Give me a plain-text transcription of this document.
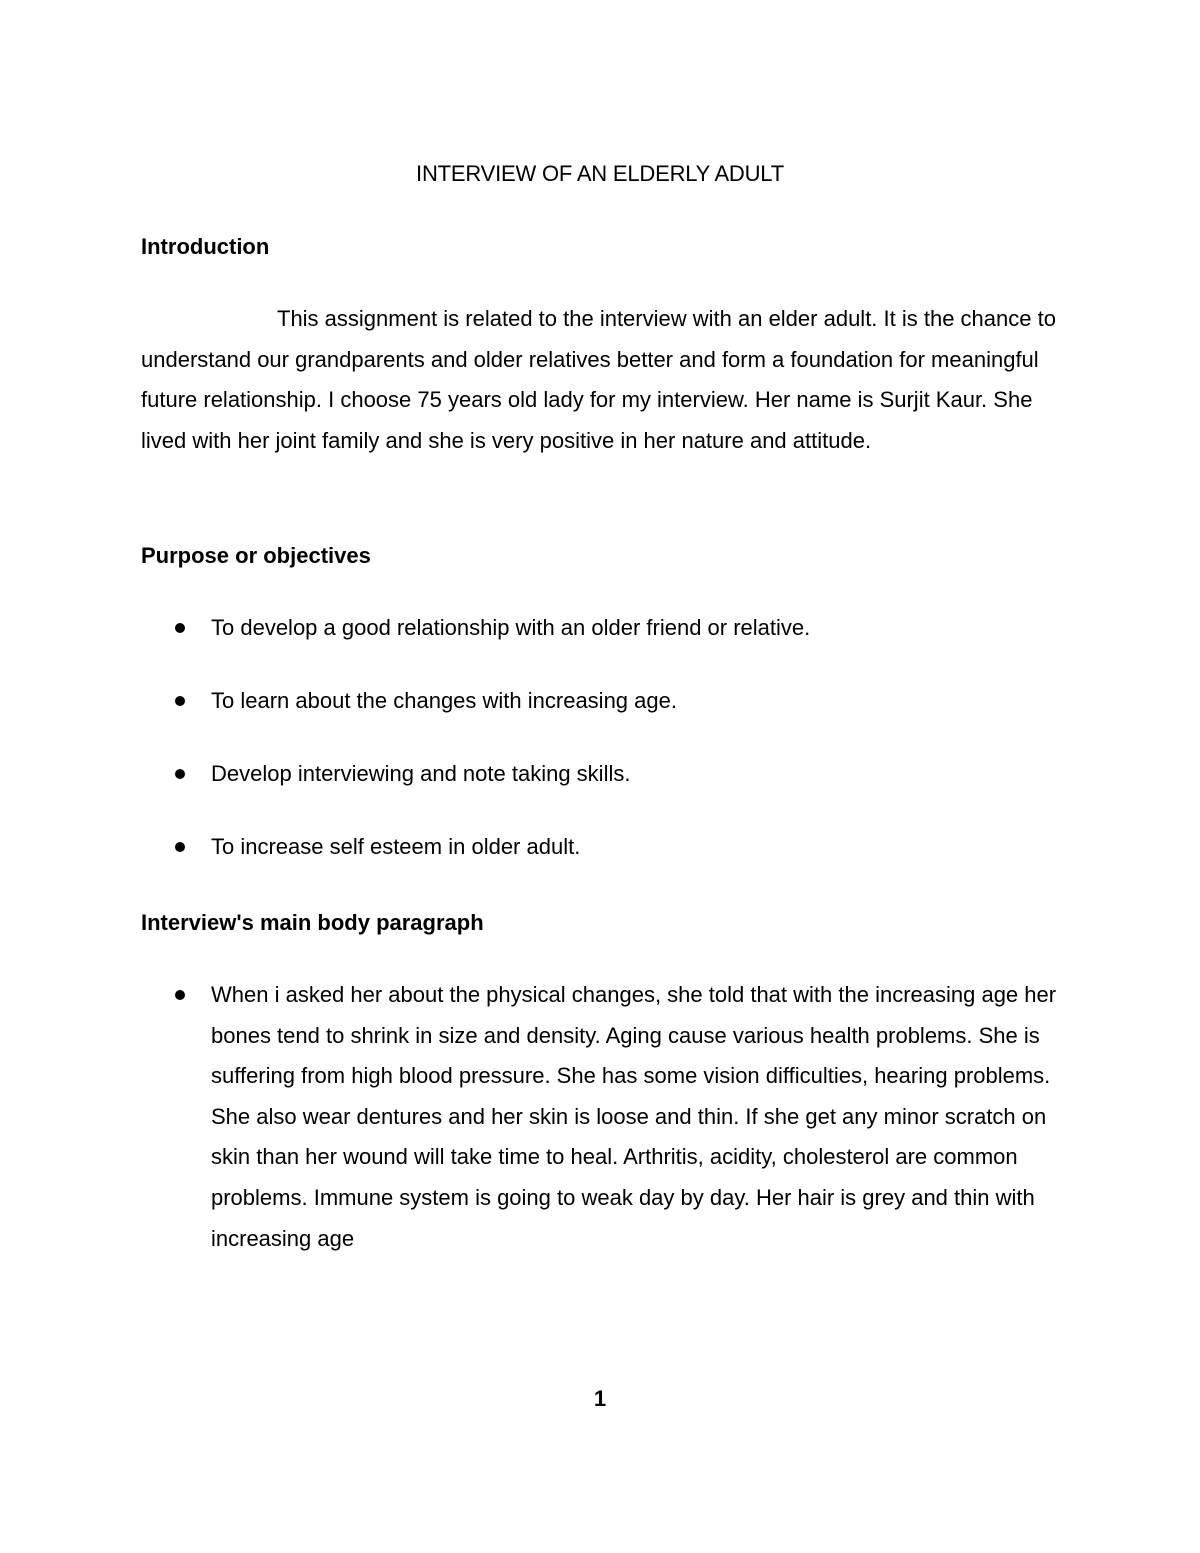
INTERVIEW OF AN ELDERLY ADULT
Introduction

This assignment is related to the interview with an elder adult. It is the chance to understand our grandparents and older relatives better and form a foundation for meaningful future relationship. I choose 75 years old lady for my interview. Her name is Surjit Kaur. She lived with her joint family and she is very positive in her nature and attitude.

Purpose or objectives
To develop a good relationship with an older friend or relative.
To learn about the changes with increasing age.
Develop interviewing and note taking skills.
To increase self esteem in older adult.
Interview's main body paragraph
When i asked her about the physical changes, she told that with the increasing age her bones tend to shrink in size and density. Aging cause various health problems. She is suffering from high blood pressure. She has some vision difficulties, hearing problems. She also wear dentures and her skin is loose and thin. If she get any minor scratch on skin than her wound will take time to heal. Arthritis, acidity, cholesterol are common problems. Immune system is going to weak day by day. Her hair is grey and thin with increasing age
1
